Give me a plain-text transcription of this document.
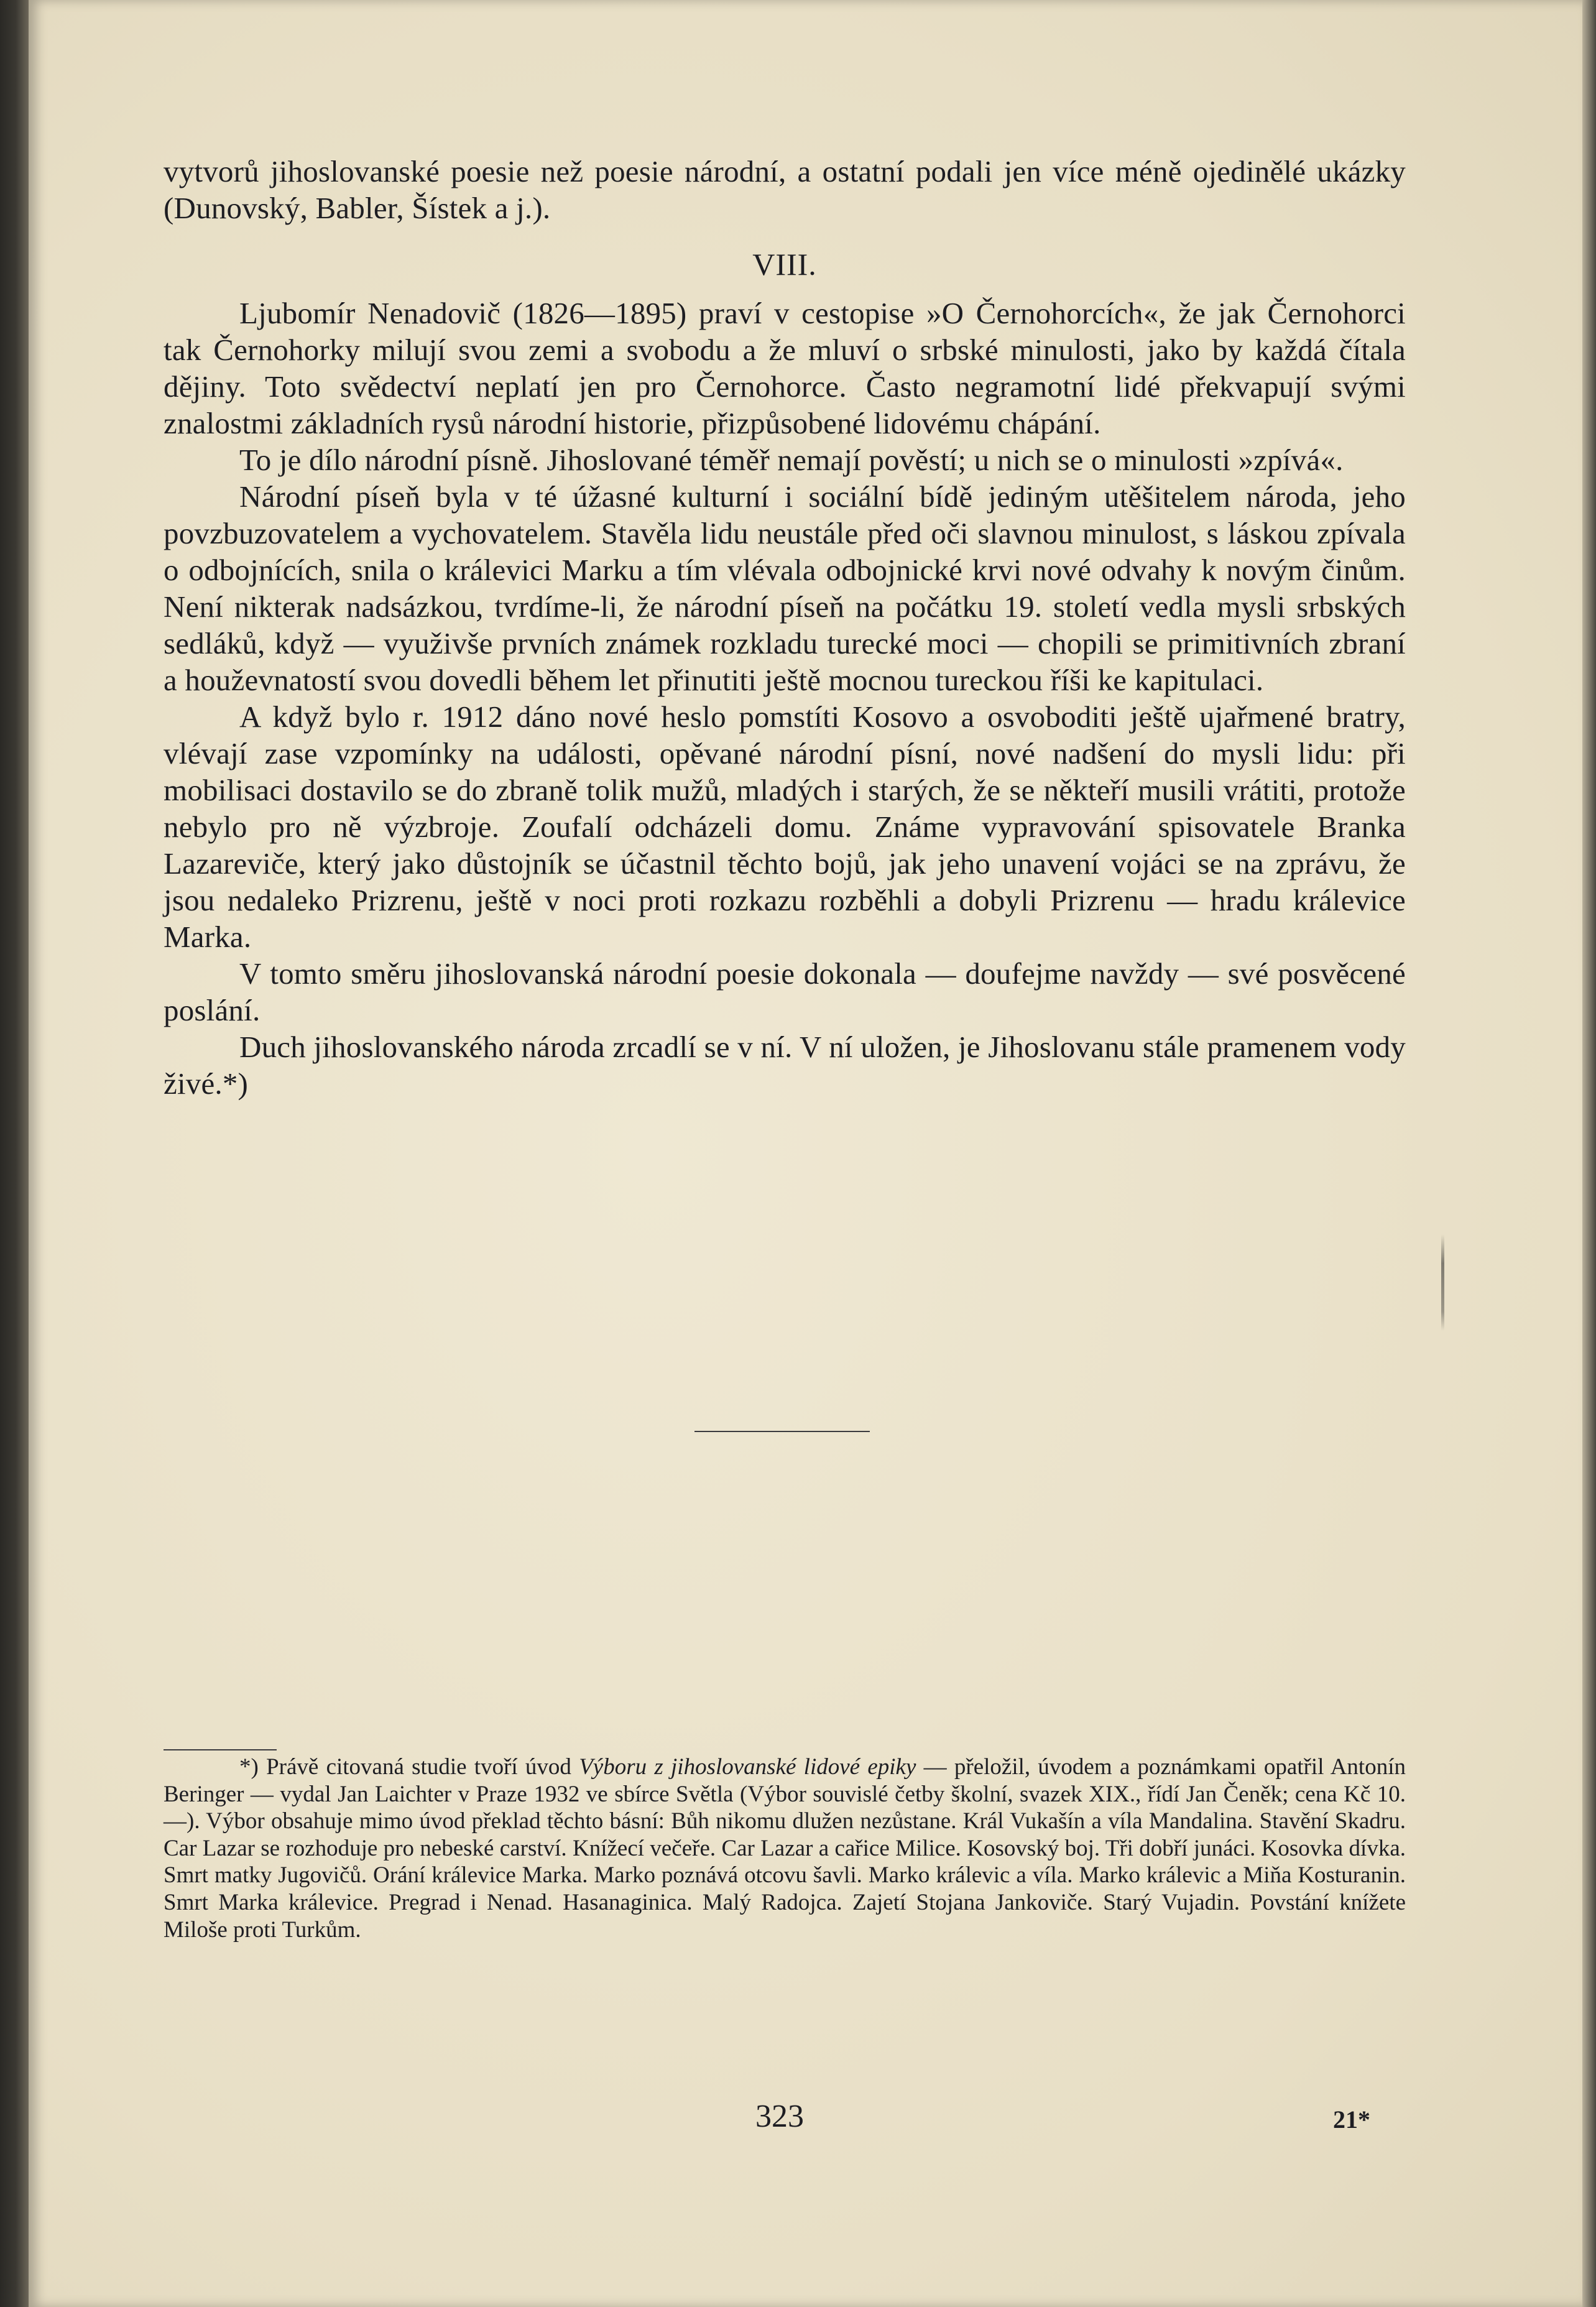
vytvorů jihoslovanské poesie než poesie národní, a ostatní podali jen více méně ojedinělé ukázky (Dunovský, Babler, Šístek a j.).

VIII.

Ljubomír Nenadovič (1826—1895) praví v cestopise »O Černohorcích«, že jak Černohorci tak Černohorky milují svou zemi a svobodu a že mluví o srbské minulosti, jako by každá čítala dějiny. Toto svědectví neplatí jen pro Černohorce. Často negramotní lidé překvapují svými znalostmi základních rysů národní historie, přizpůsobené lidovému chápání.

To je dílo národní písně. Jihoslované téměř nemají pověstí; u nich se o minulosti »zpívá«.

Národní píseň byla v té úžasné kulturní i sociální bídě jediným utěšitelem národa, jeho povzbuzovatelem a vychovatelem. Stavěla lidu neustále před oči slavnou minulost, s láskou zpívala o odbojnících, snila o králevici Marku a tím vlévala odbojnické krvi nové odvahy k novým činům. Není nikterak nadsázkou, tvrdíme-li, že národní píseň na počátku 19. století vedla mysli srbských sedláků, když — využivše prvních známek rozkladu turecké moci — chopili se primitivních zbraní a houževnatostí svou dovedli během let přinutiti ještě mocnou tureckou říši ke kapitulaci.

A když bylo r. 1912 dáno nové heslo pomstíti Kosovo a osvoboditi ještě ujařmené bratry, vlévají zase vzpomínky na události, opěvané národní písní, nové nadšení do mysli lidu: při mobilisaci dostavilo se do zbraně tolik mužů, mladých i starých, že se někteří musili vrátiti, protože nebylo pro ně výzbroje. Zoufalí odcházeli domu. Známe vypravování spisovatele Branka Lazareviče, který jako důstojník se účastnil těchto bojů, jak jeho unavení vojáci se na zprávu, že jsou nedaleko Prizrenu, ještě v noci proti rozkazu rozběhli a dobyli Prizrenu — hradu králevice Marka.

V tomto směru jihoslovanská národní poesie dokonala — doufejme navždy — své posvěcené poslání.

Duch jihoslovanského národa zrcadlí se v ní. V ní uložen, je Jihoslovanu stále pramenem vody živé.*)

*) Právě citovaná studie tvoří úvod Výboru z jihoslovanské lidové epiky — přeložil, úvodem a poznámkami opatřil Antonín Beringer — vydal Jan Laichter v Praze 1932 ve sbírce Světla (Výbor souvislé četby školní, svazek XIX., řídí Jan Čeněk; cena Kč 10.—). Výbor obsahuje mimo úvod překlad těchto básní: Bůh nikomu dlužen nezůstane. Král Vukašín a víla Mandalina. Stavění Skadru. Car Lazar se rozhoduje pro nebeské carství. Knížecí večeře. Car Lazar a cařice Milice. Kosovský boj. Tři dobří junáci. Kosovka dívka. Smrt matky Jugovičů. Orání králevice Marka. Marko poznává otcovu šavli. Marko králevic a víla. Marko králevic a Miňa Kosturanin. Smrt Marka králevice. Pregrad i Nenad. Hasanaginica. Malý Radojca. Zajetí Stojana Jankoviče. Starý Vujadin. Povstání knížete Miloše proti Turkům.

323	21*
